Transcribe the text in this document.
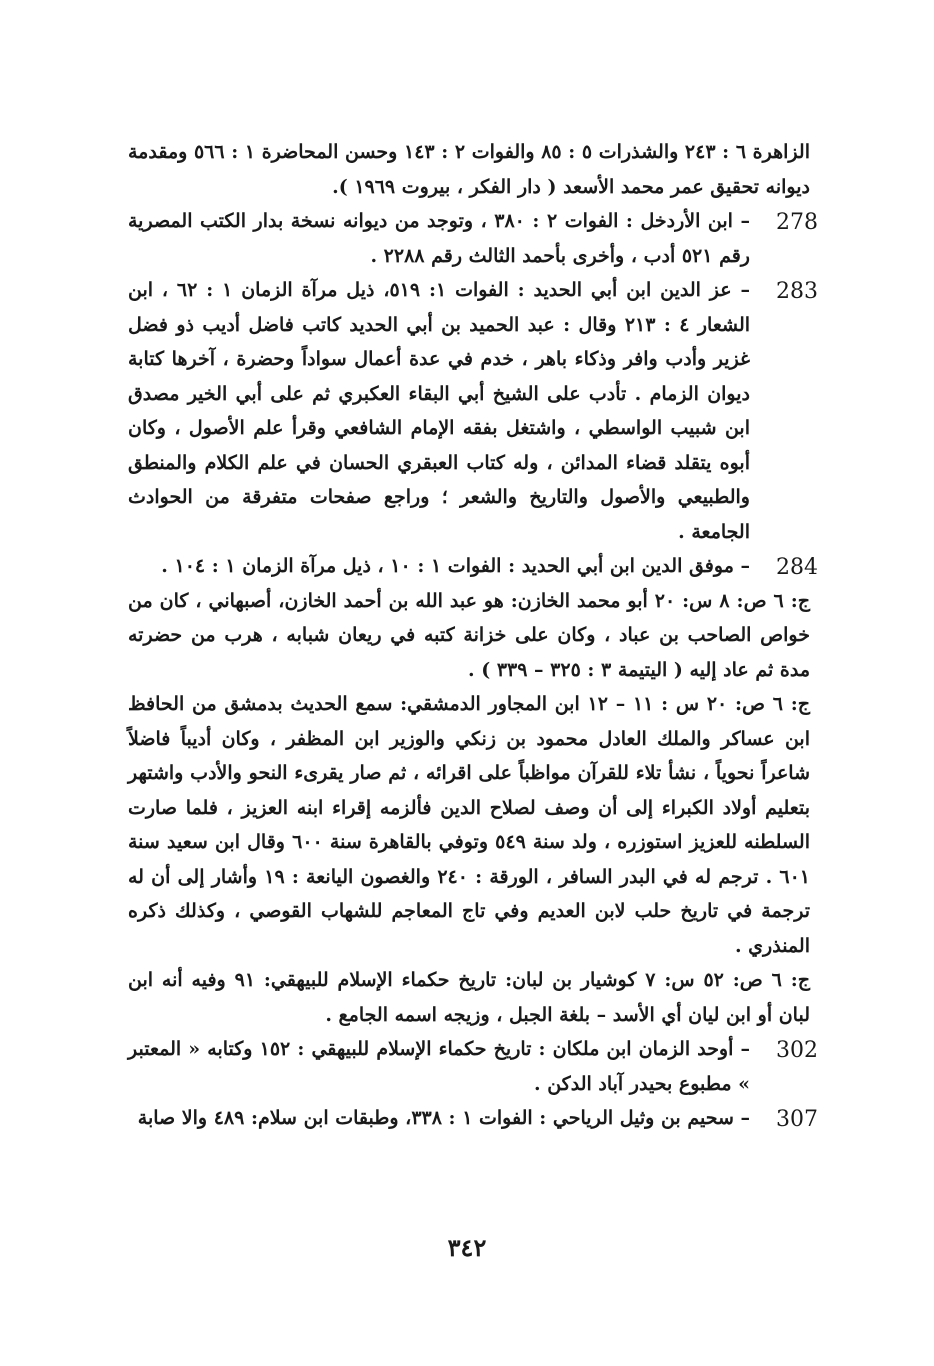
الزاهرة ٦ : ٢٤٣ والشذرات ٥ : ٨٥ والفوات ٢ : ١٤٣ وحسن المحاضرة ١ : ٥٦٦ ومقدمة ديوانه تحقيق عمر محمد الأسعد ( دار الفكر ، بيروت ١٩٦٩ ).
278
– ابن الأردخل : الفوات ٢ : ٣٨٠ ، وتوجد من ديوانه نسخة بدار الكتب المصرية رقم ٥٢١ أدب ، وأخرى بأحمد الثالث رقم ٢٢٨٨ .
283
– عز الدين ابن أبي الحديد : الفوات ١: ٥١٩، ذيل مرآة الزمان ١ : ٦٢ ، ابن الشعار ٤ : ٢١٣ وقال : عبد الحميد بن أبي الحديد كاتب فاضل أديب ذو فضل غزير وأدب وافر وذكاء باهر ، خدم في عدة أعمال سواداً وحضرة ، آخرها كتابة ديوان الزمام . تأدب على الشيخ أبي البقاء العكبري ثم على أبي الخير مصدق ابن شبيب الواسطي ، واشتغل بفقه الإمام الشافعي وقرأ علم الأصول ، وكان أبوه يتقلد قضاء المدائن ، وله كتاب العبقري الحسان في علم الكلام والمنطق والطبيعي والأصول والتاريخ والشعر ؛ وراجع صفحات متفرقة من الحوادث الجامعة .
284
– موفق الدين ابن أبي الحديد : الفوات ١ : ١٠ ، ذيل مرآة الزمان ١ : ١٠٤ .
ج: ٦ ص: ٨ س: ٢٠ أبو محمد الخازن: هو عبد الله بن أحمد الخازن، أصبهاني ، كان من خواص الصاحب بن عباد ، وكان على خزانة كتبه في ريعان شبابه ، هرب من حضرته مدة ثم عاد إليه ( اليتيمة ٣ : ٣٢٥ – ٣٣٩ ) .
ج: ٦ ص: ٢٠ س : ١١ – ١٢ ابن المجاور الدمشقي: سمع الحديث بدمشق من الحافظ ابن عساكر والملك العادل محمود بن زنكي والوزير ابن المظفر ، وكان أديباً فاضلاً شاعراً نحوياً ، نشأ تلاء للقرآن مواظباً على اقرائه ، ثم صار يقرىء النحو والأدب واشتهر بتعليم أولاد الكبراء إلى أن وصف لصلاح الدين فألزمه إقراء ابنه العزيز ، فلما صارت السلطنه للعزيز استوزره ، ولد سنة ٥٤٩ وتوفي بالقاهرة سنة ٦٠٠ وقال ابن سعيد سنة ٦٠١ . ترجم له في البدر السافر ، الورقة : ٢٤٠ والغصون اليانعة : ١٩ وأشار إلى أن له ترجمة في تاريخ حلب لابن العديم وفي تاج المعاجم للشهاب القوصي ، وكذلك ذكره المنذري .
ج: ٦ ص: ٥٢ س: ٧ كوشيار بن لبان: تاريخ حكماء الإسلام للبيهقي: ٩١ وفيه أنه ابن لبان أو ابن ليان أي الأسد – بلغة الجبل ، وزيجه اسمه الجامع .
302
– أوحد الزمان ابن ملكان : تاريخ حكماء الإسلام للبيهقي : ١٥٢ وكتابه « المعتبر » مطبوع بحيدر آباد الدكن .
307
– سحيم بن وثيل الرياحي : الفوات ١ : ٣٣٨، وطبقات ابن سلام: ٤٨٩ والا صابة
٣٤٢
